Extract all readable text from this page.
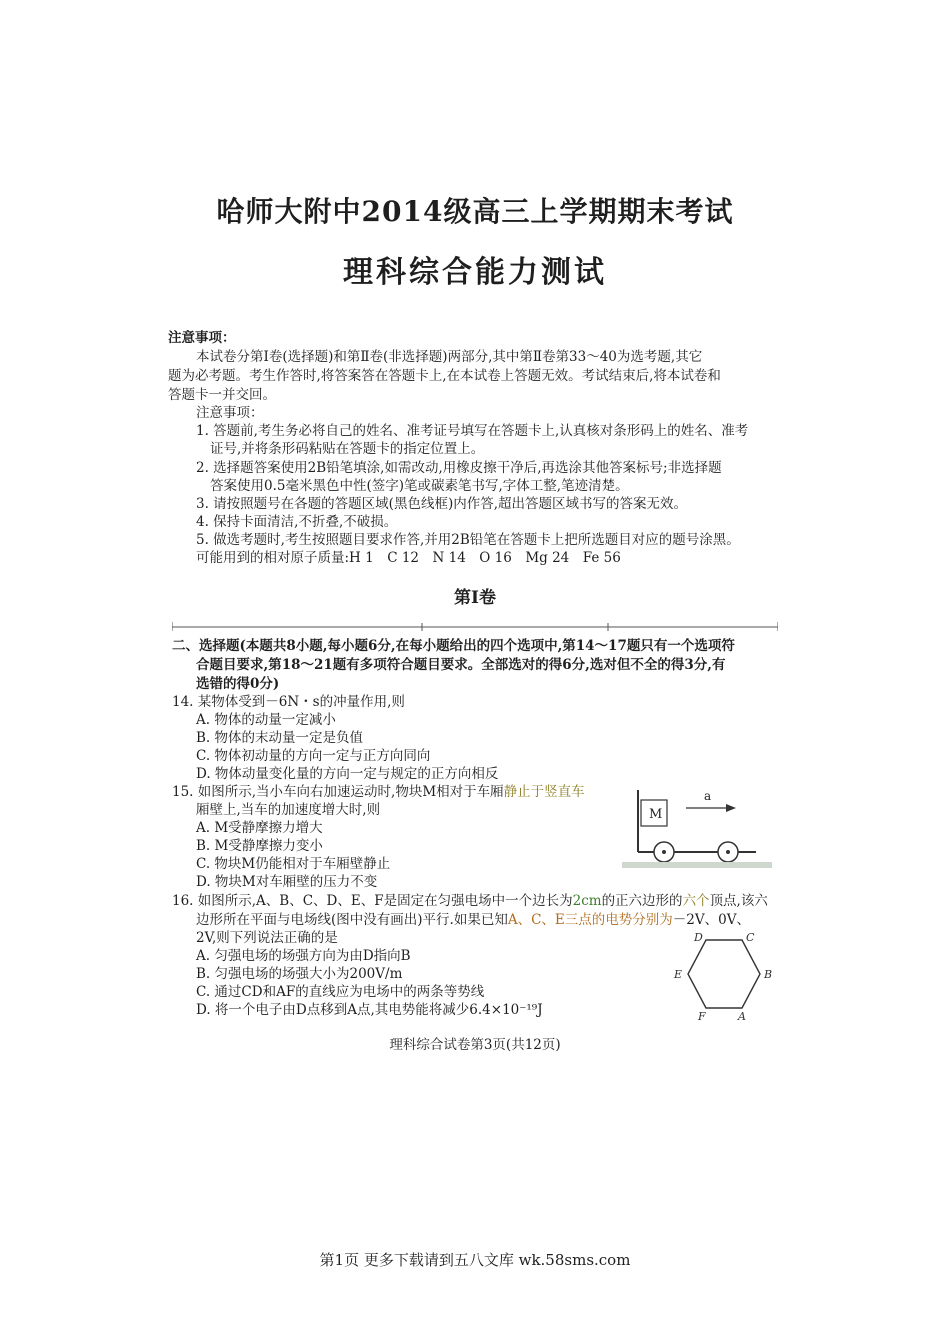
哈师大附中2014级高三上学期期末考试
理科综合能力测试
注意事项：
本试卷分第Ⅰ卷(选择题)和第Ⅱ卷(非选择题)两部分,其中第Ⅱ卷第33～40为选考题,其它
题为必考题。考生作答时,将答案答在答题卡上,在本试卷上答题无效。考试结束后,将本试卷和
答题卡一并交回。
注意事项：
1. 答题前,考生务必将自己的姓名、准考证号填写在答题卡上,认真核对条形码上的姓名、准考
证号,并将条形码粘贴在答题卡的指定位置上。
2. 选择题答案使用2B铅笔填涂,如需改动,用橡皮擦干净后,再选涂其他答案标号;非选择题
答案使用0.5毫米黑色中性(签字)笔或碳素笔书写,字体工整,笔迹清楚。
3. 请按照题号在各题的答题区域(黑色线框)内作答,超出答题区域书写的答案无效。
4. 保持卡面清洁,不折叠,不破损。
5. 做选考题时,考生按照题目要求作答,并用2B铅笔在答题卡上把所选题目对应的题号涂黑。
可能用到的相对原子质量:H 1　C 12　N 14　O 16　Mg 24　Fe 56
第Ⅰ卷
二、选择题(本题共8小题,每小题6分,在每小题给出的四个选项中,第14～17题只有一个选项符
合题目要求,第18～21题有多项符合题目要求。全部选对的得6分,选对但不全的得3分,有
选错的得0分)
14. 某物体受到－6N・s的冲量作用,则
A. 物体的动量一定减小
B. 物体的末动量一定是负值
C. 物体初动量的方向一定与正方向同向
D. 物体动量变化量的方向一定与规定的正方向相反
15. 如图所示,当小车向右加速运动时,物块M相对于车厢静止于竖直车
厢壁上,当车的加速度增大时,则
A. M受静摩擦力增大
B. M受静摩擦力变小
C. 物块M仍能相对于车厢壁静止
D. 物块M对车厢壁的压力不变
M
a
16. 如图所示,A、B、C、D、E、F是固定在匀强电场中一个边长为2cm的正六边形的六个顶点,该六
边形所在平面与电场线(图中没有画出)平行.如果已知A、C、E三点的电势分别为－2V、0V、
2V,则下列说法正确的是
A. 匀强电场的场强方向为由D指向B
B. 匀强电场的场强大小为200V/m
C. 通过CD和AF的直线应为电场中的两条等势线
D. 将一个电子由D点移到A点,其电势能将减少6.4×10⁻¹⁹J
D	C
E	B
F	A
理科综合试卷第3页(共12页)
第1页 更多下载请到五八文库 wk.58sms.com
